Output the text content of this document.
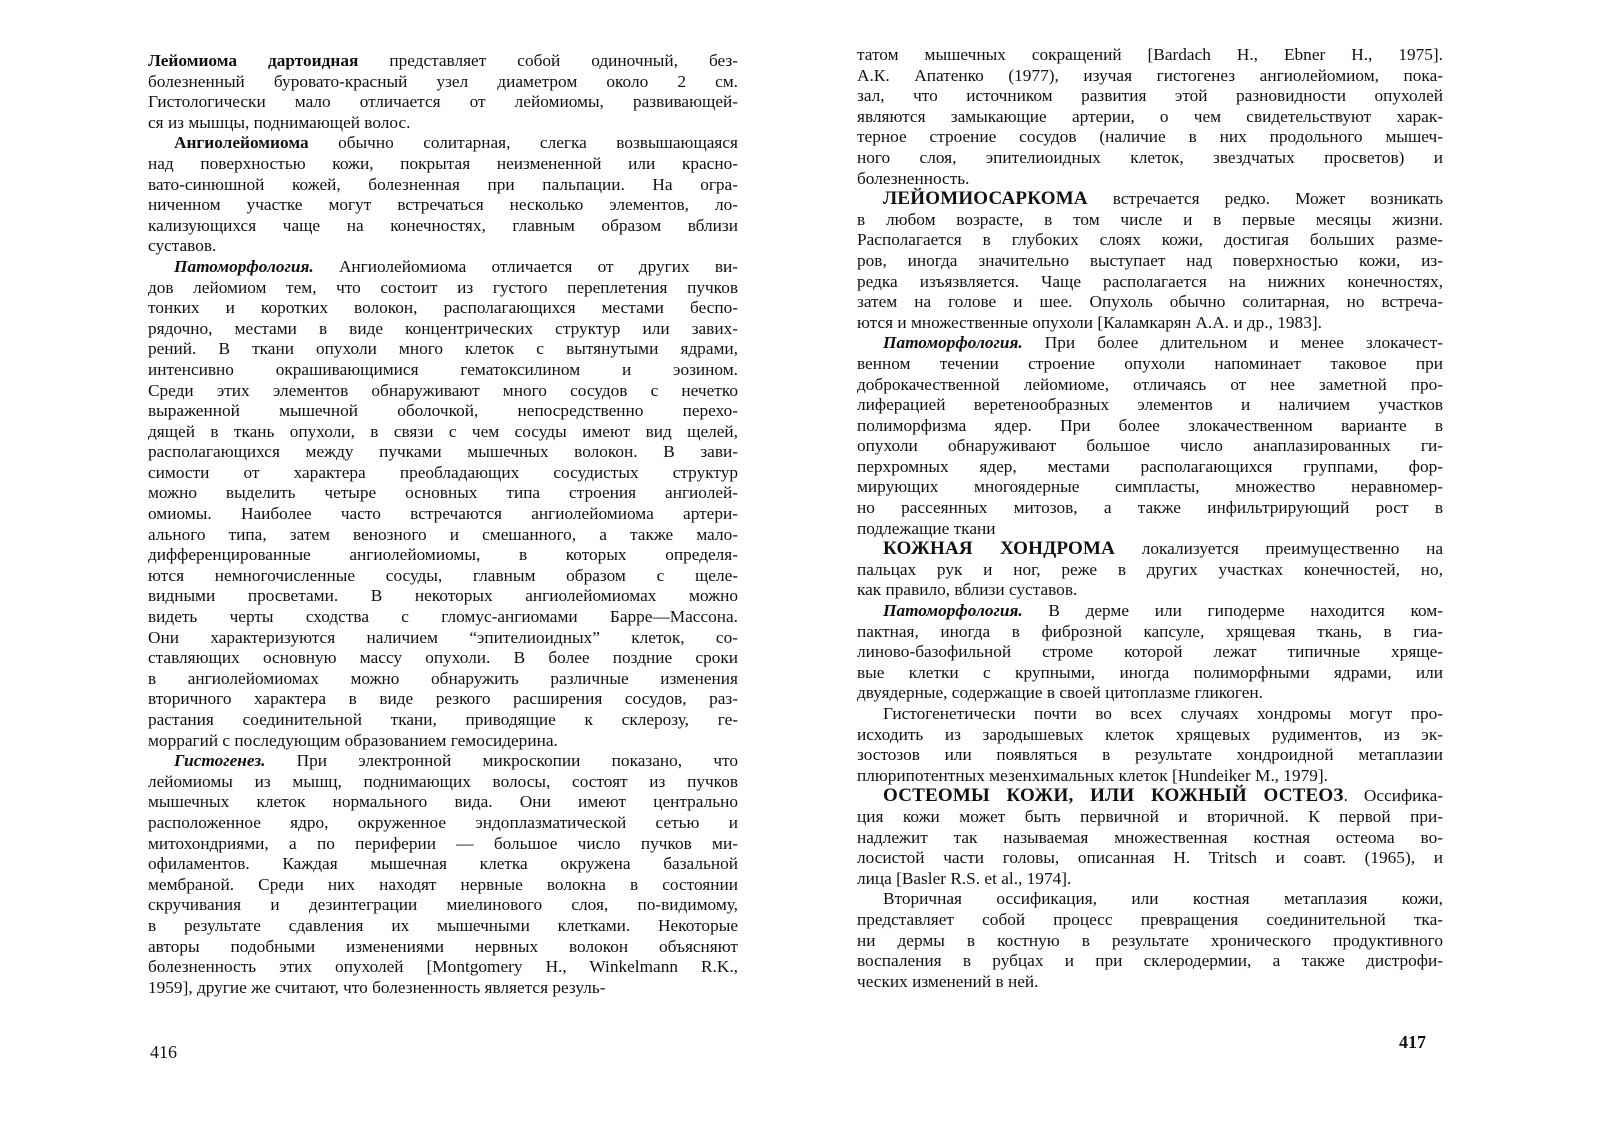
Лейомиома дартоидная представляет собой одиночный, без-
болезненный буровато-красный узел диаметром около 2 см.
Гистологически мало отличается от лейомиомы, развивающей-
ся из мышцы, поднимающей волос.
Ангиолейомиома обычно солитарная, слегка возвышающаяся
над поверхностью кожи, покрытая неизмененной или красно-
вато-синюшной кожей, болезненная при пальпации. На огра-
ниченном участке могут встречаться несколько элементов, ло-
кализующихся чаще на конечностях, главным образом вблизи
суставов.
Патоморфология. Ангиолейомиома отличается от других ви-
дов лейомиом тем, что состоит из густого переплетения пучков
тонких и коротких волокон, располагающихся местами беспо-
рядочно, местами в виде концентрических структур или завих-
рений. В ткани опухоли много клеток с вытянутыми ядрами,
интенсивно окрашивающимися гематоксилином и эозином.
Среди этих элементов обнаруживают много сосудов с нечетко
выраженной мышечной оболочкой, непосредственно перехо-
дящей в ткань опухоли, в связи с чем сосуды имеют вид щелей,
располагающихся между пучками мышечных волокон. В зави-
симости от характера преобладающих сосудистых структур
можно выделить четыре основных типа строения ангиолей-
омиомы. Наиболее часто встречаются ангиолейомиома артери-
ального типа, затем венозного и смешанного, а также мало-
дифференцированные ангиолейомиомы, в которых определя-
ются немногочисленные сосуды, главным образом с щеле-
видными просветами. В некоторых ангиолейомиомах можно
видеть черты сходства с гломус-ангиомами Барре—Массона.
Они характеризуются наличием “эпителиоидных” клеток, со-
ставляющих основную массу опухоли. В более поздние сроки
в ангиолейомиомах можно обнаружить различные изменения
вторичного характера в виде резкого расширения сосудов, раз-
растания соединительной ткани, приводящие к склерозу, ге-
моррагий с последующим образованием гемосидерина.
Гистогенез. При электронной микроскопии показано, что
лейомиомы из мышц, поднимающих волосы, состоят из пучков
мышечных клеток нормального вида. Они имеют центрально
расположенное ядро, окруженное эндоплазматической сетью и
митохондриями, а по периферии — большое число пучков ми-
офиламентов. Каждая мышечная клетка окружена базальной
мембраной. Среди них находят нервные волокна в состоянии
скручивания и дезинтеграции миелинового слоя, по-видимому,
в результате сдавления их мышечными клетками. Некоторые
авторы подобными изменениями нервных волокон объясняют
болезненность этих опухолей [Montgomery H., Winkelmann R.K.,
1959], другие же считают, что болезненность является резуль-
416
татом мышечных сокращений [Bardach H., Ebner H., 1975].
А.К. Апатенко (1977), изучая гистогенез ангиолейомиом, пока-
зал, что источником развития этой разновидности опухолей
являются замыкающие артерии, о чем свидетельствуют харак-
терное строение сосудов (наличие в них продольного мышеч-
ного слоя, эпителиоидных клеток, звездчатых просветов) и
болезненность.
ЛЕЙОМИОСАРКОМА встречается редко. Может возникать
в любом возрасте, в том числе и в первые месяцы жизни.
Располагается в глубоких слоях кожи, достигая больших разме-
ров, иногда значительно выступает над поверхностью кожи, из-
редка изъязвляется. Чаще располагается на нижних конечностях,
затем на голове и шее. Опухоль обычно солитарная, но встреча-
ются и множественные опухоли [Каламкарян А.А. и др., 1983].
Патоморфология. При более длительном и менее злокачест-
венном течении строение опухоли напоминает таковое при
доброкачественной лейомиоме, отличаясь от нее заметной про-
лиферацией веретенообразных элементов и наличием участков
полиморфизма ядер. При более злокачественном варианте в
опухоли обнаруживают большое число анаплазированных ги-
перхромных ядер, местами располагающихся группами, фор-
мирующих многоядерные симпласты, множество неравномер-
но рассеянных митозов, а также инфильтрирующий рост в
подлежащие ткани
КОЖНАЯ ХОНДРОМА локализуется преимущественно на
пальцах рук и ног, реже в других участках конечностей, но,
как правило, вблизи суставов.
Патоморфология. В дерме или гиподерме находится ком-
пактная, иногда в фиброзной капсуле, хрящевая ткань, в гиа-
линово-базофильной строме которой лежат типичные хряще-
вые клетки с крупными, иногда полиморфными ядрами, или
двуядерные, содержащие в своей цитоплазме гликоген.
Гистогенетически почти во всех случаях хондромы могут про-
исходить из зародышевых клеток хрящевых рудиментов, из эк-
зостозов или появляться в результате хондроидной метаплазии
плюрипотентных мезенхимальных клеток [Hundeiker M., 1979].
ОСТЕОМЫ КОЖИ, ИЛИ КОЖНЫЙ ОСТЕОЗ. Оссифика-
ция кожи может быть первичной и вторичной. К первой при-
надлежит так называемая множественная костная остеома во-
лосистой части головы, описанная H. Tritsch и соавт. (1965), и
лица [Basler R.S. et al., 1974].
Вторичная оссификация, или костная метаплазия кожи,
представляет собой процесс превращения соединительной тка-
ни дермы в костную в результате хронического продуктивного
воспаления в рубцах и при склеродермии, а также дистрофи-
ческих изменений в ней.
417
